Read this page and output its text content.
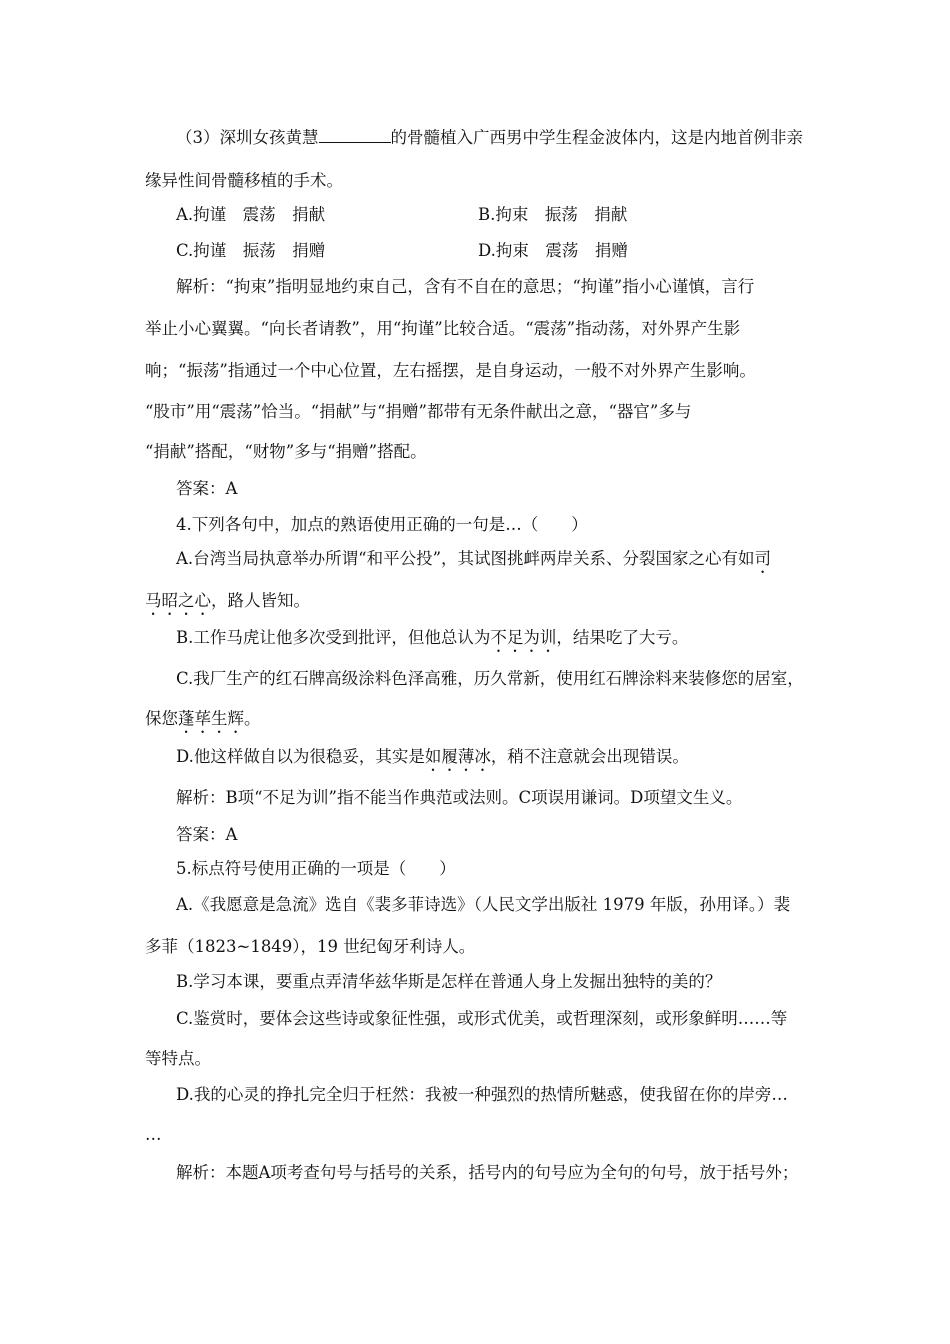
（3）深圳女孩黄慧	的骨髓植入广西男中学生程金波体内，这是内地首例非亲
缘异性间骨髓移植的手术。
A.拘谨　震荡　捐献	B.拘束　振荡　捐献
C.拘谨　振荡　捐赠	D.拘束　震荡　捐赠
解析：“拘束”指明显地约束自己，含有不自在的意思；“拘谨”指小心谨慎，言行
举止小心翼翼。“向长者请教”，用“拘谨”比较合适。“震荡”指动荡，对外界产生影
响；“振荡”指通过一个中心位置，左右摇摆，是自身运动，一般不对外界产生影响。
“股市”用“震荡”恰当。“捐献”与“捐赠”都带有无条件献出之意，“器官”多与
“捐献”搭配，“财物”多与“捐赠”搭配。
答案：A
4.下列各句中，加点的熟语使用正确的一句是…（　　）
A.台湾当局执意举办所谓“和平公投”，其试图挑衅两岸关系、分裂国家之心有如司
马昭之心，路人皆知。
B.工作马虎让他多次受到批评，但他总认为不足为训，结果吃了大亏。
C.我厂生产的红石牌高级涂料色泽高雅，历久常新，使用红石牌涂料来装修您的居室，
保您蓬荜生辉。
D.他这样做自以为很稳妥，其实是如履薄冰，稍不注意就会出现错误。
解析：B项“不足为训”指不能当作典范或法则。C项误用谦词。D项望文生义。
答案：A
5.标点符号使用正确的一项是（　　）
A.《我愿意是急流》选自《裴多菲诗选》（人民文学出版社 1979 年版，孙用译。）裴
多菲（1823~1849），19 世纪匈牙利诗人。
B.学习本课，要重点弄清华兹华斯是怎样在普通人身上发掘出独特的美的？
C.鉴赏时，要体会这些诗或象征性强，或形式优美，或哲理深刻，或形象鲜明……等
等特点。
D.我的心灵的挣扎完全归于枉然：我被一种强烈的热情所魅惑，使我留在你的岸旁…
…
解析：本题A项考查句号与括号的关系，括号内的句号应为全句的句号，放于括号外；
